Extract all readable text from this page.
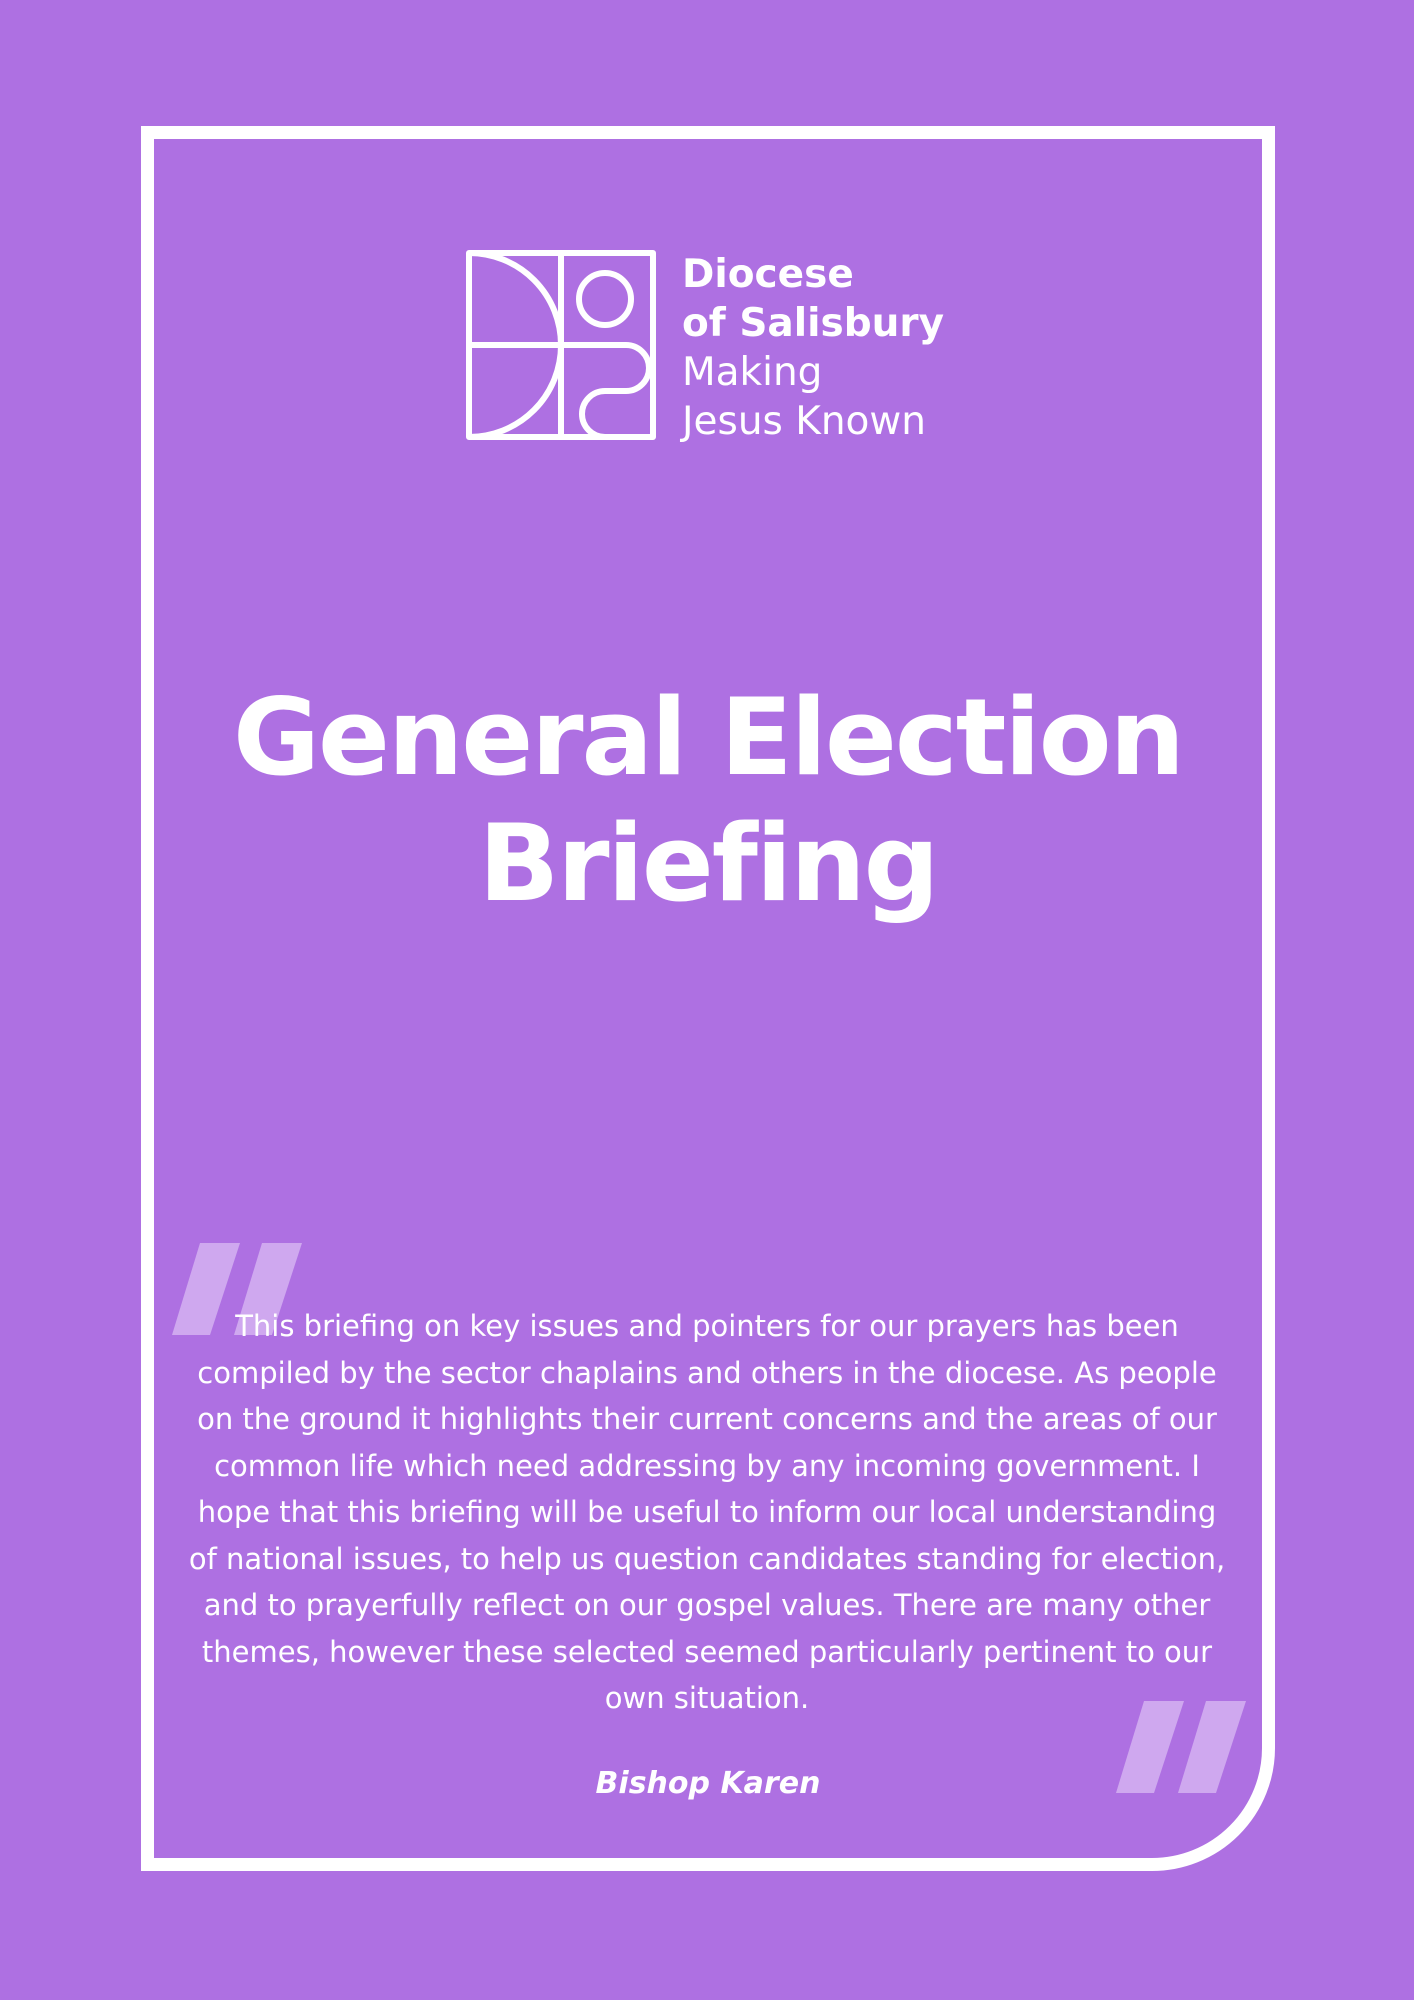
Diocese
of Salisbury
Making
Jesus Known
General Election
Briefing
This briefing on key issues and pointers for our prayers has been compiled by the sector chaplains and others in the diocese. As people on the ground it highlights their current concerns and the areas of our common life which need addressing by any incoming government. I hope that this briefing will be useful to inform our local understanding of national issues, to help us question candidates standing for election, and to prayerfully reflect on our gospel values. There are many other themes, however these selected seemed particularly pertinent to our own situation.
Bishop Karen
